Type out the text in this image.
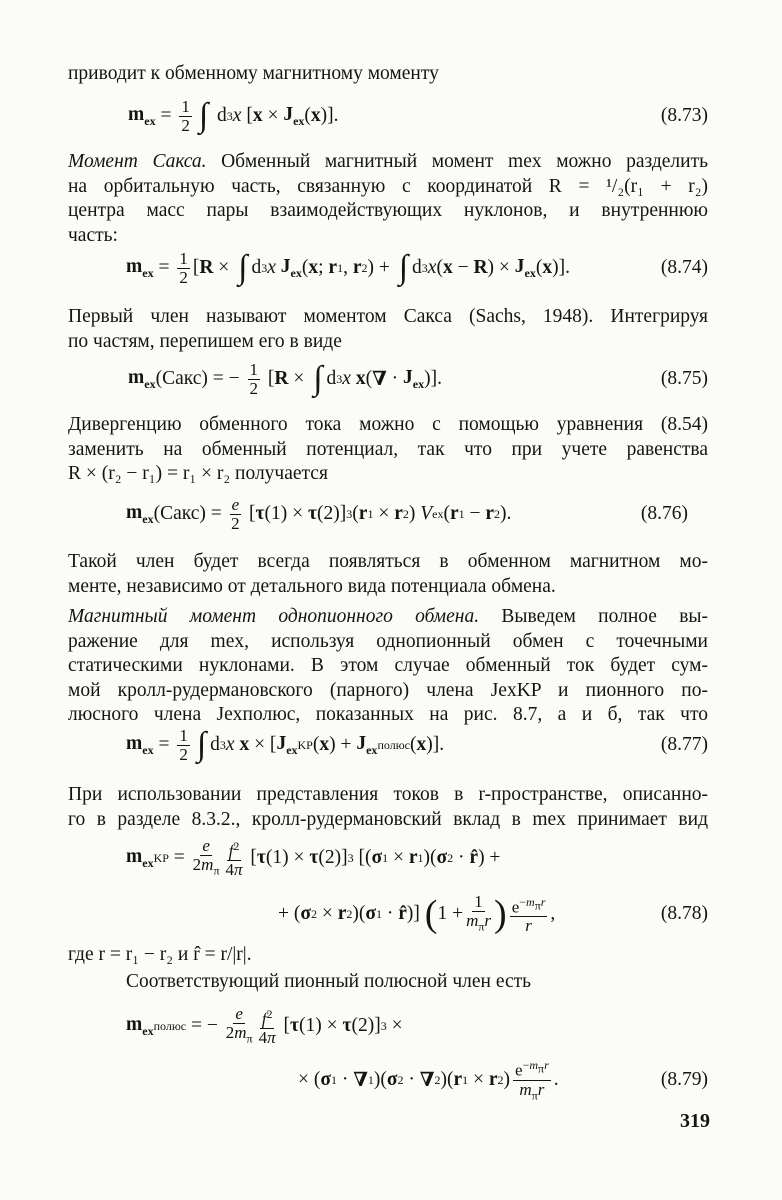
приводит к обменному магнитному моменту
$m_{ex} = \frac{1}{2}$ ∫ d 3 x [ $x \times J_{ex}$ ( x )].	(8.73)
Момент Сакса. Обменный магнитный момент mex можно разделить
на орбитальную часть, связанную с координатой R = ¹/₂(r₁ + r₂)
центра масс пары взаимодействующих нуклонов, и внутреннюю
часть:
$m_{ex} = \frac{1}{2}$ [ R × ∫ d 3 x
$J_{ex}$ ( x ; r 1 , r 2 ) + ∫ d 3 x ( x − R ) × $J_{ex}$ ( x )].	(8.74)
Первый член называют моментом Сакса (Sachs, 1948). Интегрируя
по частям, перепишем его в виде
$m_{ex}$ (Сакс) = − $\frac{1}{2}$ [ R × ∫ d 3 x
x ( ∇ · $J_{ex}$ )].	(8.75)
Дивергенцию обменного тока можно с помощью уравнения (8.54)
заменить на обменный потенциал, так что при учете равенства
R × (r₂ − r₁) = r₁ × r₂ получается
$m_{ex}$ (Сакс) = $\frac{e}{2}$ [ τ (1) × τ (2)] 3 ( r 1 × r 2 ) V ex ( r 1 − r 2 ).	(8.76)
Такой член будет всегда появляться в обменном магнитном мо-
менте, независимо от детального вида потенциала обмена.
Магнитный момент однопионного обмена. Выведем полное вы-
ражение для mex, используя однопионный обмен с точечными
статическими нуклонами. В этом случае обменный ток будет сум-
мой кролл-рудермановского (парного) члена JexKP и пионного по-
люсного члена Jexполюс, показанных на рис. 8.7, а и б, так что
$m_{ex} = \frac{1}{2}$ ∫ d 3 x
x × [ $J_{ex}$ KP ( x ) + $J_{ex}$ полюс ( x )].	(8.77)
При использовании представления токов в r-пространстве, описанно-
го в разделе 8.3.2., кролл-рудермановский вклад в mex принимает вид
$m_{ex}$ KP = $\frac{e}{2m_\pi} \frac{f^2}{4\pi}$ [ τ (1) × τ (2)] 3 [( σ 1 × r 1 )( σ 2 · r̂ ) +
+ ( σ 2 × r 2 )( σ 1 · r̂ )] ( $1 + \frac{1}{m_\pi r}$ ) $\frac{e^{-m_\pi r}}{r}$ ,	(8.78)
где r = r₁ − r₂ и r̂ = r/|r|.
Соответствующий пионный полюсной член есть
$m_{ex}$ полюс = − $\frac{e}{2m_\pi} \frac{f^2}{4\pi}$ [ τ (1) × τ (2)] 3 ×
× ( σ 1 · ∇ 1 )( σ 2 · ∇ 2 )( r 1 × r 2 ) $\frac{e^{-m_\pi r}}{m_\pi r}$ .	(8.79)
319
